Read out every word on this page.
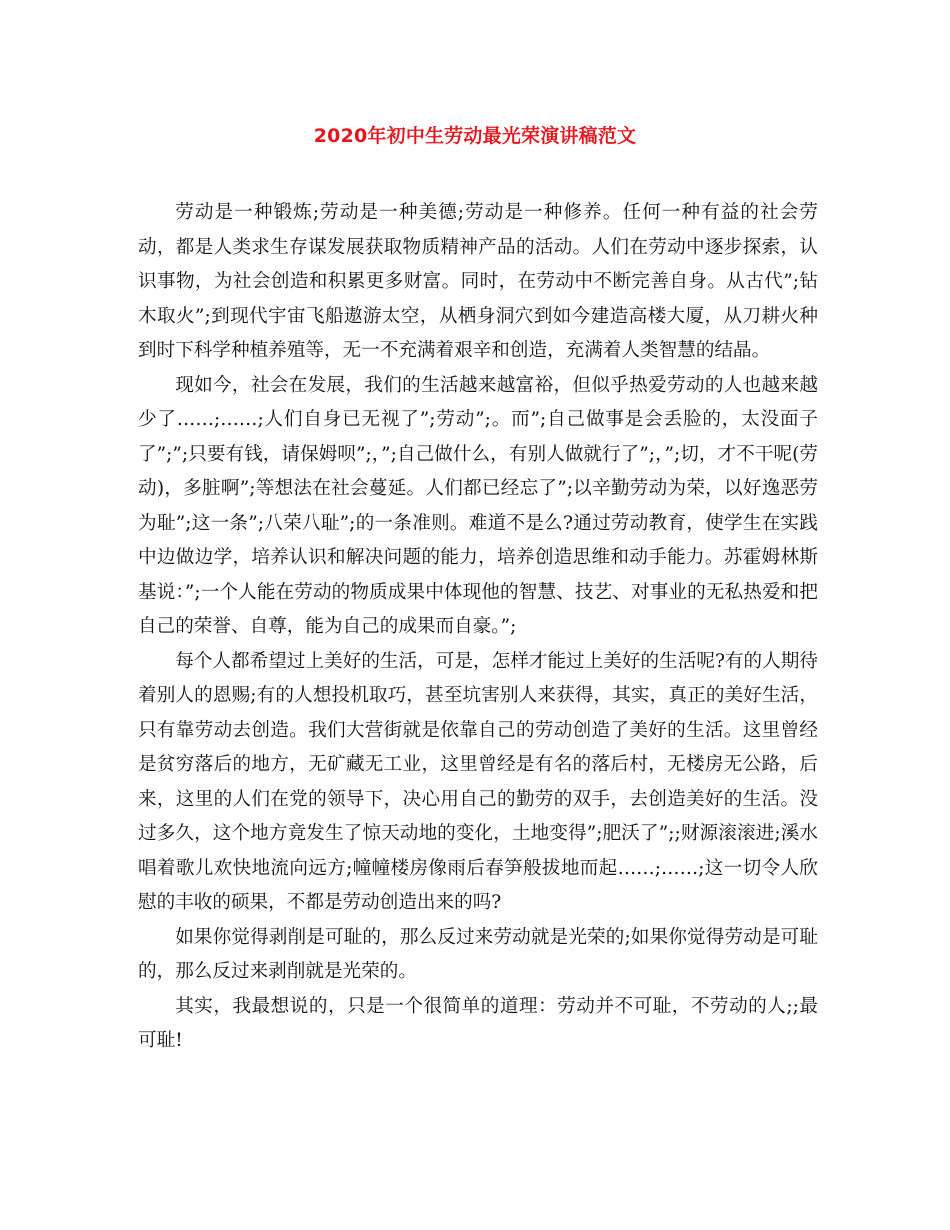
2020年初中生劳动最光荣演讲稿范文

劳动是一种锻炼;劳动是一种美德;劳动是一种修养。任何一种有益的社会劳动，都是人类求生存谋发展获取物质精神产品的活动。人们在劳动中逐步探索，认识事物，为社会创造和积累更多财富。同时，在劳动中不断完善自身。从古代”;钻木取火”;到现代宇宙飞船遨游太空，从栖身洞穴到如今建造高楼大厦，从刀耕火种到时下科学种植养殖等，无一不充满着艰辛和创造，充满着人类智慧的结晶。

现如今，社会在发展，我们的生活越来越富裕，但似乎热爱劳动的人也越来越少了……;……;人们自身已无视了”;劳动”;。而”;自己做事是会丢脸的，太没面子了”;”;只要有钱，请保姆呗”;，”;自己做什么，有别人做就行了”;，”;切，才不干呢(劳动)，多脏啊”;等想法在社会蔓延。人们都已经忘了”;以辛勤劳动为荣，以好逸恶劳为耻”;这一条”;八荣八耻”;的一条准则。难道不是么?通过劳动教育，使学生在实践中边做边学，培养认识和解决问题的能力，培养创造思维和动手能力。苏霍姆林斯基说：”;一个人能在劳动的物质成果中体现他的智慧、技艺、对事业的无私热爱和把自己的荣誉、自尊，能为自己的成果而自豪。”;

每个人都希望过上美好的生活，可是，怎样才能过上美好的生活呢?有的人期待着别人的恩赐;有的人想投机取巧，甚至坑害别人来获得，其实，真正的美好生活，只有靠劳动去创造。我们大营街就是依靠自己的劳动创造了美好的生活。这里曾经是贫穷落后的地方，无矿藏无工业，这里曾经是有名的落后村，无楼房无公路，后来，这里的人们在党的领导下，决心用自己的勤劳的双手，去创造美好的生活。没过多久，这个地方竟发生了惊天动地的变化，土地变得”;肥沃了”;;财源滚滚进;溪水唱着歌儿欢快地流向远方;幢幢楼房像雨后春笋般拔地而起……;……;这一切令人欣慰的丰收的硕果，不都是劳动创造出来的吗?

如果你觉得剥削是可耻的，那么反过来劳动就是光荣的;如果你觉得劳动是可耻的，那么反过来剥削就是光荣的。

其实，我最想说的，只是一个很简单的道理：劳动并不可耻，不劳动的人;;最可耻!
